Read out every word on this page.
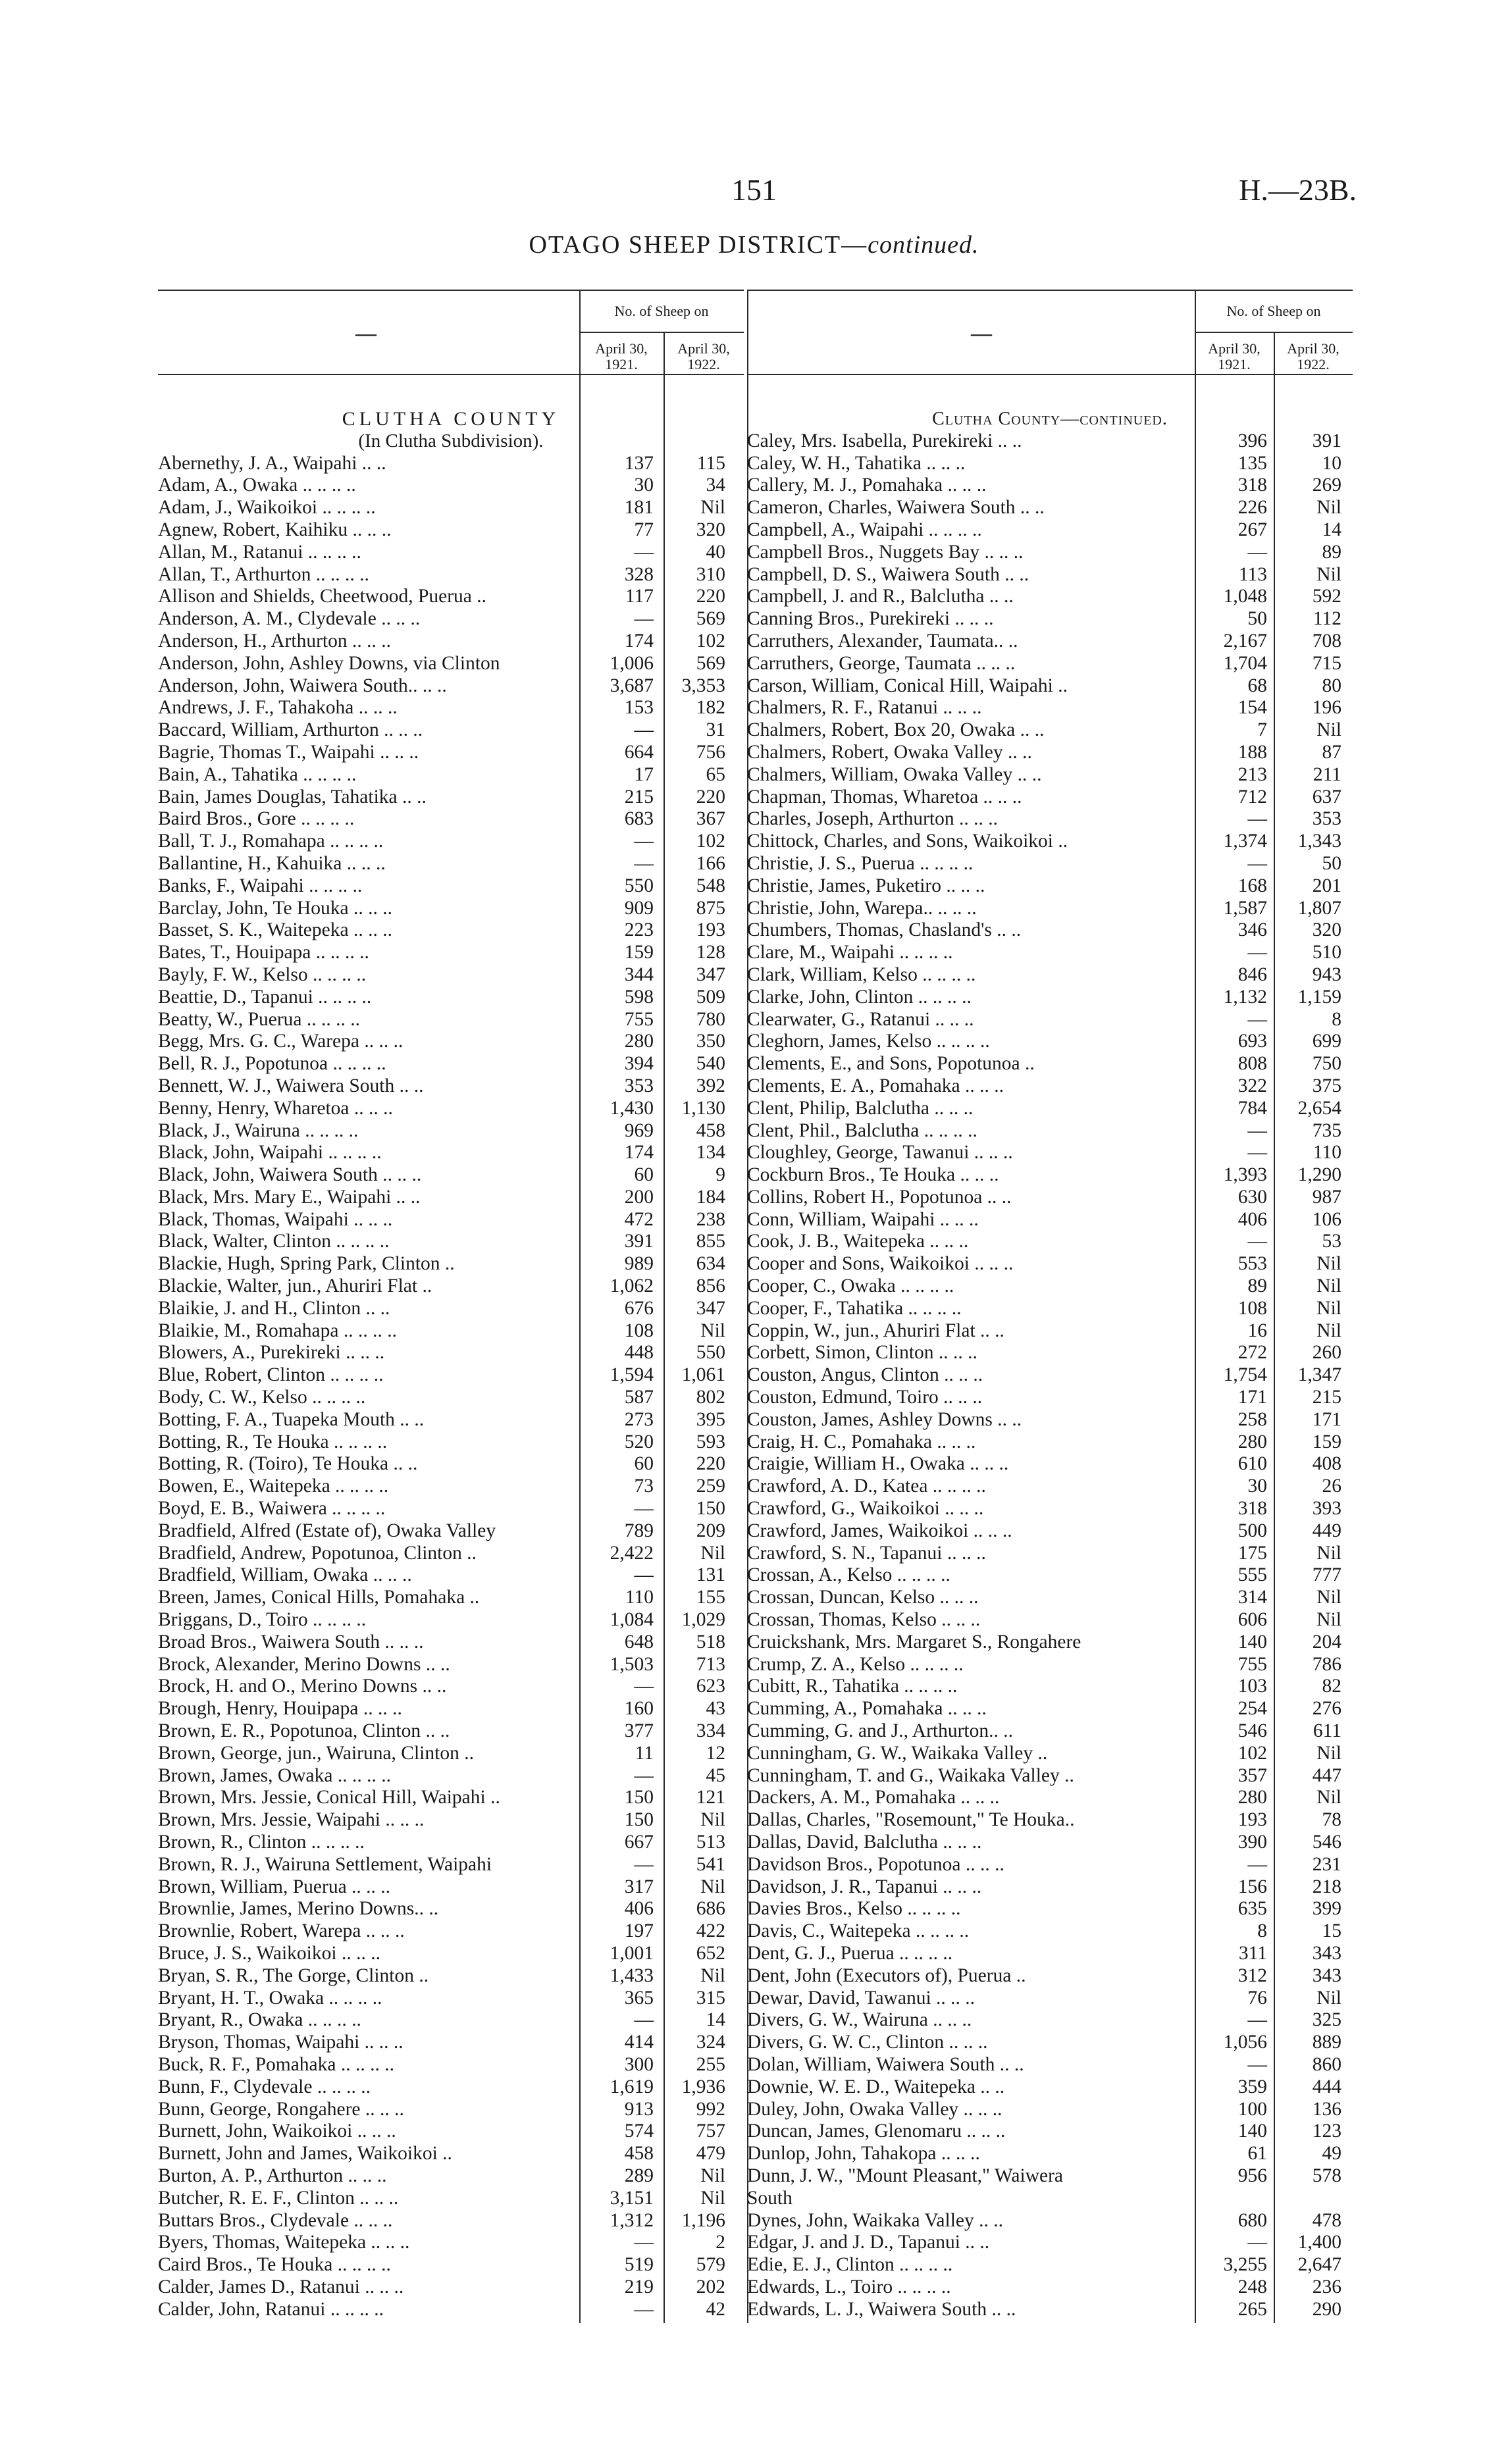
151	H.—23B.
OTAGO SHEEP DISTRICT—continued.
—
No. of Sheep on
April 30, 1921.
April 30, 1922.
CLUTHA COUNTY
(In Clutha Subdivision).
Abernethy, J. A., Waipahi .. ..	137	115
Adam, A., Owaka .. .. .. ..	30	34
Adam, J., Waikoikoi .. .. .. ..	181	Nil
Agnew, Robert, Kaihiku .. .. ..	77	320
Allan, M., Ratanui .. .. .. ..	—	40
Allan, T., Arthurton .. .. .. ..	328	310
Allison and Shields, Cheetwood, Puerua ..	117	220
Anderson, A. M., Clydevale .. .. ..	—	569
Anderson, H., Arthurton .. .. ..	174	102
Anderson, John, Ashley Downs, via Clinton	1,006	569
Anderson, John, Waiwera South.. .. ..	3,687	3,353
Andrews, J. F., Tahakoha .. .. ..	153	182
Baccard, William, Arthurton .. .. ..	—	31
Bagrie, Thomas T., Waipahi .. .. ..	664	756
Bain, A., Tahatika .. .. .. ..	17	65
Bain, James Douglas, Tahatika .. ..	215	220
Baird Bros., Gore .. .. .. ..	683	367
Ball, T. J., Romahapa .. .. .. ..	—	102
Ballantine, H., Kahuika .. .. ..	—	166
Banks, F., Waipahi .. .. .. ..	550	548
Barclay, John, Te Houka .. .. ..	909	875
Basset, S. K., Waitepeka .. .. ..	223	193
Bates, T., Houipapa .. .. .. ..	159	128
Bayly, F. W., Kelso .. .. .. ..	344	347
Beattie, D., Tapanui .. .. .. ..	598	509
Beatty, W., Puerua .. .. .. ..	755	780
Begg, Mrs. G. C., Warepa .. .. ..	280	350
Bell, R. J., Popotunoa .. .. .. ..	394	540
Bennett, W. J., Waiwera South .. ..	353	392
Benny, Henry, Wharetoa .. .. ..	1,430	1,130
Black, J., Wairuna .. .. .. ..	969	458
Black, John, Waipahi .. .. .. ..	174	134
Black, John, Waiwera South .. .. ..	60	9
Black, Mrs. Mary E., Waipahi .. ..	200	184
Black, Thomas, Waipahi .. .. ..	472	238
Black, Walter, Clinton .. .. .. ..	391	855
Blackie, Hugh, Spring Park, Clinton ..	989	634
Blackie, Walter, jun., Ahuriri Flat ..	1,062	856
Blaikie, J. and H., Clinton .. ..	676	347
Blaikie, M., Romahapa .. .. .. ..	108	Nil
Blowers, A., Purekireki .. .. ..	448	550
Blue, Robert, Clinton .. .. .. ..	1,594	1,061
Body, C. W., Kelso .. .. .. ..	587	802
Botting, F. A., Tuapeka Mouth .. ..	273	395
Botting, R., Te Houka .. .. .. ..	520	593
Botting, R. (Toiro), Te Houka .. ..	60	220
Bowen, E., Waitepeka .. .. .. ..	73	259
Boyd, E. B., Waiwera .. .. .. ..	—	150
Bradfield, Alfred (Estate of), Owaka Valley	789	209
Bradfield, Andrew, Popotunoa, Clinton ..	2,422	Nil
Bradfield, William, Owaka .. .. ..	—	131
Breen, James, Conical Hills, Pomahaka ..	110	155
Briggans, D., Toiro .. .. .. ..	1,084	1,029
Broad Bros., Waiwera South .. .. ..	648	518
Brock, Alexander, Merino Downs .. ..	1,503	713
Brock, H. and O., Merino Downs .. ..	—	623
Brough, Henry, Houipapa .. .. ..	160	43
Brown, E. R., Popotunoa, Clinton .. ..	377	334
Brown, George, jun., Wairuna, Clinton ..	11	12
Brown, James, Owaka .. .. .. ..	—	45
Brown, Mrs. Jessie, Conical Hill, Waipahi ..	150	121
Brown, Mrs. Jessie, Waipahi .. .. ..	150	Nil
Brown, R., Clinton .. .. .. ..	667	513
Brown, R. J., Wairuna Settlement, Waipahi	—	541
Brown, William, Puerua .. .. ..	317	Nil
Brownlie, James, Merino Downs.. ..	406	686
Brownlie, Robert, Warepa .. .. ..	197	422
Bruce, J. S., Waikoikoi .. .. ..	1,001	652
Bryan, S. R., The Gorge, Clinton ..	1,433	Nil
Bryant, H. T., Owaka .. .. .. ..	365	315
Bryant, R., Owaka .. .. .. ..	—	14
Bryson, Thomas, Waipahi .. .. ..	414	324
Buck, R. F., Pomahaka .. .. .. ..	300	255
Bunn, F., Clydevale .. .. .. ..	1,619	1,936
Bunn, George, Rongahere .. .. ..	913	992
Burnett, John, Waikoikoi .. .. ..	574	757
Burnett, John and James, Waikoikoi ..	458	479
Burton, A. P., Arthurton .. .. ..	289	Nil
Butcher, R. E. F., Clinton .. .. ..	3,151	Nil
Buttars Bros., Clydevale .. .. ..	1,312	1,196
Byers, Thomas, Waitepeka .. .. ..	—	2
Caird Bros., Te Houka .. .. .. ..	519	579
Calder, James D., Ratanui .. .. ..	219	202
Calder, John, Ratanui .. .. .. ..	—	42
—
No. of Sheep on
April 30, 1921.
April 30, 1922.
Clutha County—continued.
Caley, Mrs. Isabella, Purekireki .. ..	396	391
Caley, W. H., Tahatika .. .. ..	135	10
Callery, M. J., Pomahaka .. .. ..	318	269
Cameron, Charles, Waiwera South .. ..	226	Nil
Campbell, A., Waipahi .. .. .. ..	267	14
Campbell Bros., Nuggets Bay .. .. ..	—	89
Campbell, D. S., Waiwera South .. ..	113	Nil
Campbell, J. and R., Balclutha .. ..	1,048	592
Canning Bros., Purekireki .. .. ..	50	112
Carruthers, Alexander, Taumata.. ..	2,167	708
Carruthers, George, Taumata .. .. ..	1,704	715
Carson, William, Conical Hill, Waipahi ..	68	80
Chalmers, R. F., Ratanui .. .. ..	154	196
Chalmers, Robert, Box 20, Owaka .. ..	7	Nil
Chalmers, Robert, Owaka Valley .. ..	188	87
Chalmers, William, Owaka Valley .. ..	213	211
Chapman, Thomas, Wharetoa .. .. ..	712	637
Charles, Joseph, Arthurton .. .. ..	—	353
Chittock, Charles, and Sons, Waikoikoi ..	1,374	1,343
Christie, J. S., Puerua .. .. .. ..	—	50
Christie, James, Puketiro .. .. ..	168	201
Christie, John, Warepa.. .. .. ..	1,587	1,807
Chumbers, Thomas, Chasland's .. ..	346	320
Clare, M., Waipahi .. .. .. ..	—	510
Clark, William, Kelso .. .. .. ..	846	943
Clarke, John, Clinton .. .. .. ..	1,132	1,159
Clearwater, G., Ratanui .. .. ..	—	8
Cleghorn, James, Kelso .. .. .. ..	693	699
Clements, E., and Sons, Popotunoa ..	808	750
Clements, E. A., Pomahaka .. .. ..	322	375
Clent, Philip, Balclutha .. .. ..	784	2,654
Clent, Phil., Balclutha .. .. .. ..	—	735
Cloughley, George, Tawanui .. .. ..	—	110
Cockburn Bros., Te Houka .. .. ..	1,393	1,290
Collins, Robert H., Popotunoa .. ..	630	987
Conn, William, Waipahi .. .. ..	406	106
Cook, J. B., Waitepeka .. .. ..	—	53
Cooper and Sons, Waikoikoi .. .. ..	553	Nil
Cooper, C., Owaka .. .. .. ..	89	Nil
Cooper, F., Tahatika .. .. .. ..	108	Nil
Coppin, W., jun., Ahuriri Flat .. ..	16	Nil
Corbett, Simon, Clinton .. .. ..	272	260
Couston, Angus, Clinton .. .. ..	1,754	1,347
Couston, Edmund, Toiro .. .. ..	171	215
Couston, James, Ashley Downs .. ..	258	171
Craig, H. C., Pomahaka .. .. ..	280	159
Craigie, William H., Owaka .. .. ..	610	408
Crawford, A. D., Katea .. .. .. ..	30	26
Crawford, G., Waikoikoi .. .. ..	318	393
Crawford, James, Waikoikoi .. .. ..	500	449
Crawford, S. N., Tapanui .. .. ..	175	Nil
Crossan, A., Kelso .. .. .. ..	555	777
Crossan, Duncan, Kelso .. .. ..	314	Nil
Crossan, Thomas, Kelso .. .. ..	606	Nil
Cruickshank, Mrs. Margaret S., Rongahere	140	204
Crump, Z. A., Kelso .. .. .. ..	755	786
Cubitt, R., Tahatika .. .. .. ..	103	82
Cumming, A., Pomahaka .. .. ..	254	276
Cumming, G. and J., Arthurton.. ..	546	611
Cunningham, G. W., Waikaka Valley ..	102	Nil
Cunningham, T. and G., Waikaka Valley ..	357	447
Dackers, A. M., Pomahaka .. .. ..	280	Nil
Dallas, Charles, "Rosemount," Te Houka..	193	78
Dallas, David, Balclutha .. .. ..	390	546
Davidson Bros., Popotunoa .. .. ..	—	231
Davidson, J. R., Tapanui .. .. ..	156	218
Davies Bros., Kelso .. .. .. ..	635	399
Davis, C., Waitepeka .. .. .. ..	8	15
Dent, G. J., Puerua .. .. .. ..	311	343
Dent, John (Executors of), Puerua ..	312	343
Dewar, David, Tawanui .. .. ..	76	Nil
Divers, G. W., Wairuna .. .. ..	—	325
Divers, G. W. C., Clinton .. .. ..	1,056	889
Dolan, William, Waiwera South .. ..	—	860
Downie, W. E. D., Waitepeka .. ..	359	444
Duley, John, Owaka Valley .. .. ..	100	136
Duncan, James, Glenomaru .. .. ..	140	123
Dunlop, John, Tahakopa .. .. ..	61	49
Dunn, J. W., "Mount Pleasant," Waiwera	956	578
South
Dynes, John, Waikaka Valley .. ..	680	478
Edgar, J. and J. D., Tapanui .. ..	—	1,400
Edie, E. J., Clinton .. .. .. ..	3,255	2,647
Edwards, L., Toiro .. .. .. ..	248	236
Edwards, L. J., Waiwera South .. ..	265	290
